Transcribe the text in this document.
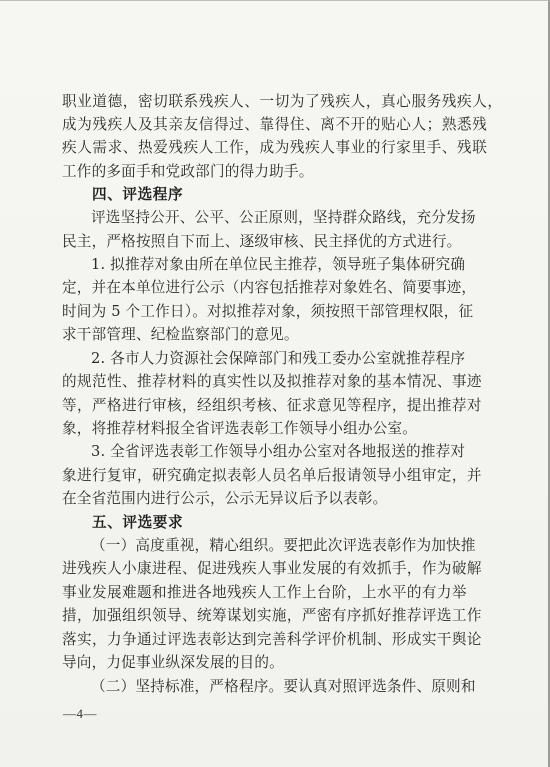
职业道德，密切联系残疾人、一切为了残疾人，真心服务残疾人，
成为残疾人及其亲友信得过、靠得住、离不开的贴心人；熟悉残
疾人需求、热爱残疾人工作，成为残疾人事业的行家里手、残联
工作的多面手和党政部门的得力助手。
四、评选程序
评选坚持公开、公平、公正原则，坚持群众路线，充分发扬
民主，严格按照自下而上、逐级审核、民主择优的方式进行。
1. 拟推荐对象由所在单位民主推荐，领导班子集体研究确
定，并在本单位进行公示（内容包括推荐对象姓名、简要事迹，
时间为 5 个工作日）。对拟推荐对象，须按照干部管理权限，征
求干部管理、纪检监察部门的意见。
2. 各市人力资源社会保障部门和残工委办公室就推荐程序
的规范性、推荐材料的真实性以及拟推荐对象的基本情况、事迹
等，严格进行审核，经组织考核、征求意见等程序，提出推荐对
象，将推荐材料报全省评选表彰工作领导小组办公室。
3. 全省评选表彰工作领导小组办公室对各地报送的推荐对
象进行复审，研究确定拟表彰人员名单后报请领导小组审定，并
在全省范围内进行公示，公示无异议后予以表彰。
五、评选要求
（一）高度重视，精心组织。要把此次评选表彰作为加快推
进残疾人小康进程、促进残疾人事业发展的有效抓手，作为破解
事业发展难题和推进各地残疾人工作上台阶，上水平的有力举
措，加强组织领导、统筹谋划实施，严密有序抓好推荐评选工作
落实，力争通过评选表彰达到完善科学评价机制、形成实干舆论
导向，力促事业纵深发展的目的。
（二）坚持标准，严格程序。要认真对照评选条件、原则和
—4—
